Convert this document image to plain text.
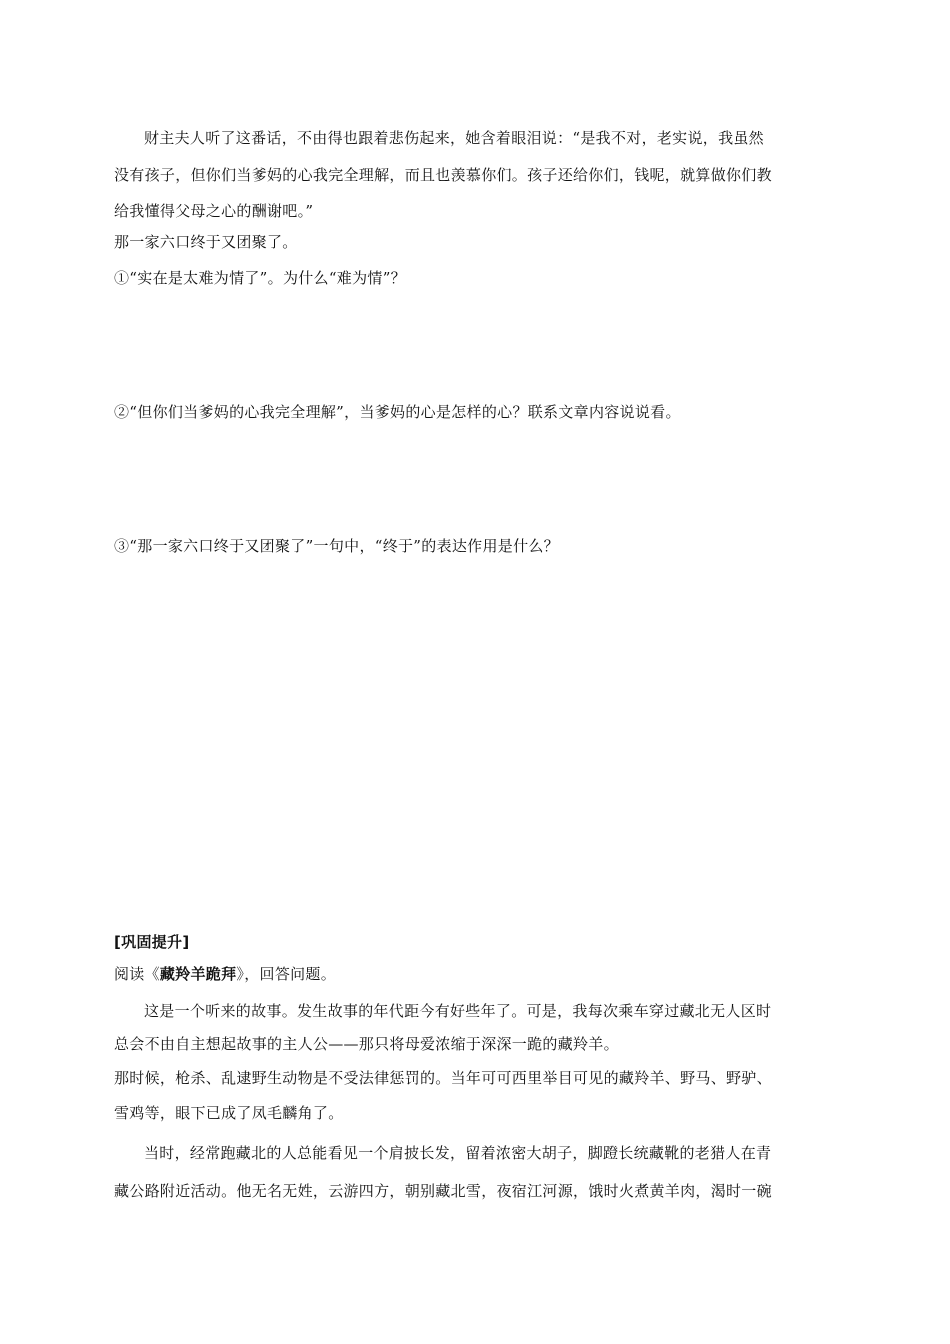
财主夫人听了这番话，不由得也跟着悲伤起来，她含着眼泪说：“是我不对，老实说，我虽然
没有孩子，但你们当爹妈的心我完全理解，而且也羡慕你们。孩子还给你们，钱呢，就算做你们教
给我懂得父母之心的酬谢吧。”
那一家六口终于又团聚了。
①“实在是太难为情了”。为什么“难为情”？
②“但你们当爹妈的心我完全理解”，当爹妈的心是怎样的心？联系文章内容说说看。
③“那一家六口终于又团聚了”一句中，“终于”的表达作用是什么？
[巩固提升]
阅读《藏羚羊跪拜》，回答问题。
这是一个听来的故事。发生故事的年代距今有好些年了。可是，我每次乘车穿过藏北无人区时
总会不由自主想起故事的主人公——那只将母爱浓缩于深深一跪的藏羚羊。
那时候，枪杀、乱逮野生动物是不受法律惩罚的。当年可可西里举目可见的藏羚羊、野马、野驴、
雪鸡等，眼下已成了凤毛麟角了。
当时，经常跑藏北的人总能看见一个肩披长发，留着浓密大胡子，脚蹬长统藏靴的老猎人在青
藏公路附近活动。他无名无姓，云游四方，朝别藏北雪，夜宿江河源，饿时火煮黄羊肉，渴时一碗
